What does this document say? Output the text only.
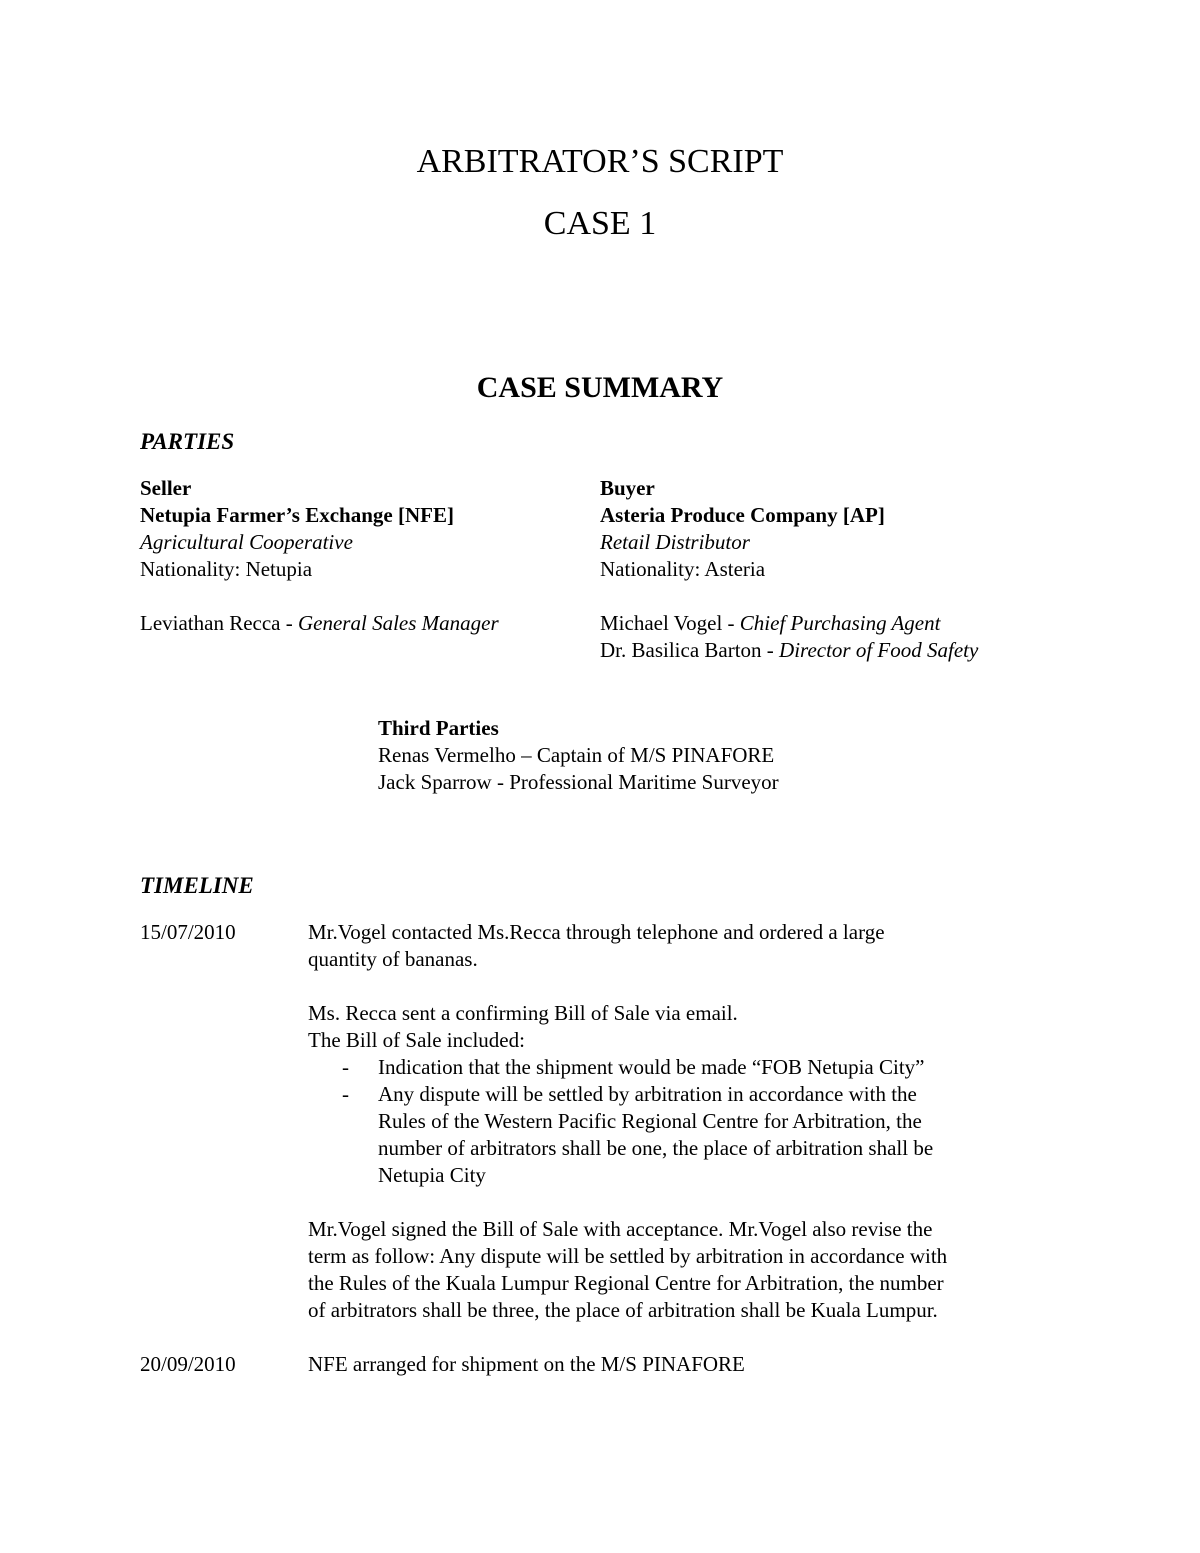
ARBITRATOR’S SCRIPT
CASE 1
CASE SUMMARY
PARTIES
Seller
Netupia Farmer’s Exchange [NFE]
Agricultural Cooperative
Nationality: Netupia
Leviathan Recca - General Sales Manager
Buyer
Asteria Produce Company [AP]
Retail Distributor
Nationality: Asteria
Michael Vogel - Chief Purchasing Agent
Dr. Basilica Barton - Director of Food Safety
Third Parties
Renas Vermelho – Captain of M/S PINAFORE
Jack Sparrow - Professional Maritime Surveyor
TIMELINE
15/07/2010	Mr.Vogel contacted Ms.Recca through telephone and ordered a large
quantity of bananas.
Ms. Recca sent a confirming Bill of Sale via email.
The Bill of Sale included:
- Indication that the shipment would be made “FOB Netupia City”
- Any dispute will be settled by arbitration in accordance with the
Rules of the Western Pacific Regional Centre for Arbitration, the
number of arbitrators shall be one, the place of arbitration shall be
Netupia City
Mr.Vogel signed the Bill of Sale with acceptance. Mr.Vogel also revise the
term as follow: Any dispute will be settled by arbitration in accordance with
the Rules of the Kuala Lumpur Regional Centre for Arbitration, the number
of arbitrators shall be three, the place of arbitration shall be Kuala Lumpur.
20/09/2010	NFE arranged for shipment on the M/S PINAFORE
